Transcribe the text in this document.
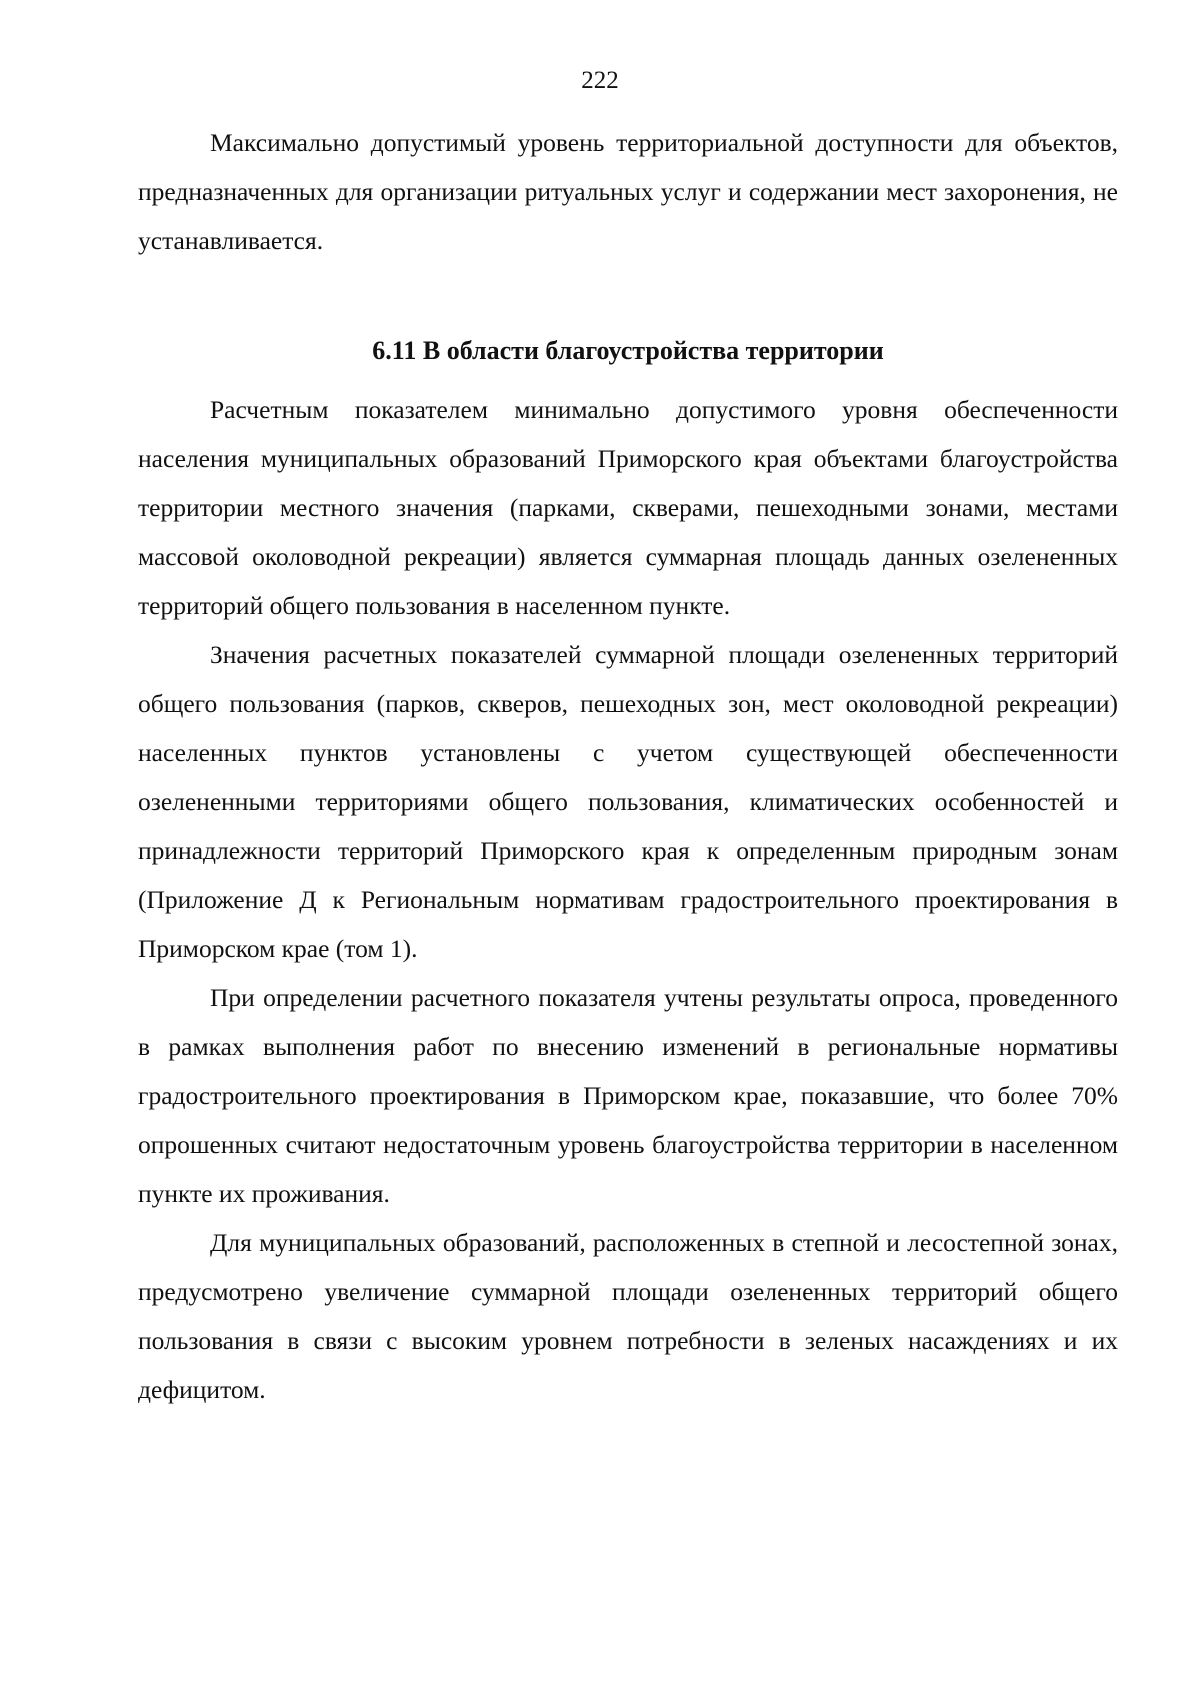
222

Максимально допустимый уровень территориальной доступности для объектов, предназначенных для организации ритуальных услуг и содержании мест захоронения, не устанавливается.

6.11 В области благоустройства территории

Расчетным показателем минимально допустимого уровня обеспеченности населения муниципальных образований Приморского края объектами благоустройства территории местного значения (парками, скверами, пешеходными зонами, местами массовой околоводной рекреации) является суммарная площадь данных озелененных территорий общего пользования в населенном пункте.

Значения расчетных показателей суммарной площади озелененных территорий общего пользования (парков, скверов, пешеходных зон, мест околоводной рекреации) населенных пунктов установлены с учетом существующей обеспеченности озелененными территориями общего пользования, климатических особенностей и принадлежности территорий Приморского края к определенным природным зонам (Приложение Д к Региональным нормативам градостроительного проектирования в Приморском крае (том 1).

При определении расчетного показателя учтены результаты опроса, проведенного в рамках выполнения работ по внесению изменений в региональные нормативы градостроительного проектирования в Приморском крае, показавшие, что более 70% опрошенных считают недостаточным уровень благоустройства территории в населенном пункте их проживания.

Для муниципальных образований, расположенных в степной и лесостепной зонах, предусмотрено увеличение суммарной площади озелененных территорий общего пользования в связи с высоким уровнем потребности в зеленых насаждениях и их дефицитом.
